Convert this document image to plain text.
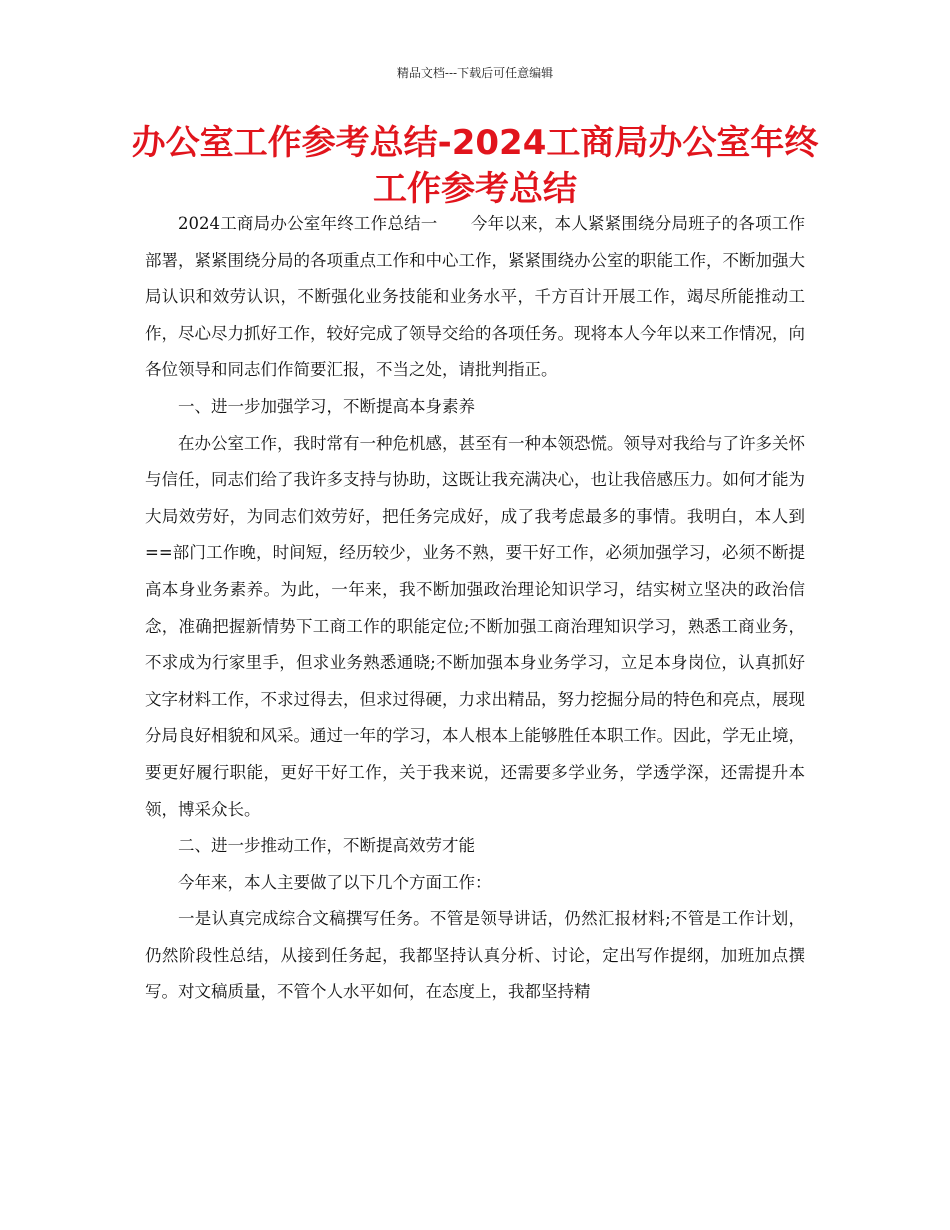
精品文档---下载后可任意编辑
办公室工作参考总结-2024工商局办公室年终工作参考总结

2024工商局办公室年终工作总结一　　今年以来，本人紧紧围绕分局班子的各项工作部署，紧紧围绕分局的各项重点工作和中心工作，紧紧围绕办公室的职能工作，不断加强大局认识和效劳认识，不断强化业务技能和业务水平，千方百计开展工作，竭尽所能推动工作，尽心尽力抓好工作，较好完成了领导交给的各项任务。现将本人今年以来工作情况，向各位领导和同志们作简要汇报，不当之处，请批判指正。

一、进一步加强学习，不断提高本身素养

在办公室工作，我时常有一种危机感，甚至有一种本领恐慌。领导对我给与了许多关怀与信任，同志们给了我许多支持与协助，这既让我充满决心，也让我倍感压力。如何才能为大局效劳好，为同志们效劳好，把任务完成好，成了我考虑最多的事情。我明白，本人到==部门工作晚，时间短，经历较少，业务不熟，要干好工作，必须加强学习，必须不断提高本身业务素养。为此，一年来，我不断加强政治理论知识学习，结实树立坚决的政治信念，准确把握新情势下工商工作的职能定位;不断加强工商治理知识学习，熟悉工商业务，不求成为行家里手，但求业务熟悉通晓;不断加强本身业务学习，立足本身岗位，认真抓好文字材料工作，不求过得去，但求过得硬，力求出精品，努力挖掘分局的特色和亮点，展现分局良好相貌和风采。通过一年的学习，本人根本上能够胜任本职工作。因此，学无止境，要更好履行职能，更好干好工作，关于我来说，还需要多学业务，学透学深，还需提升本领，博采众长。

二、进一步推动工作，不断提高效劳才能

今年来，本人主要做了以下几个方面工作：

一是认真完成综合文稿撰写任务。不管是领导讲话，仍然汇报材料;不管是工作计划，仍然阶段性总结，从接到任务起，我都坚持认真分析、讨论，定出写作提纲，加班加点撰写。对文稿质量，不管个人水平如何，在态度上，我都坚持精
